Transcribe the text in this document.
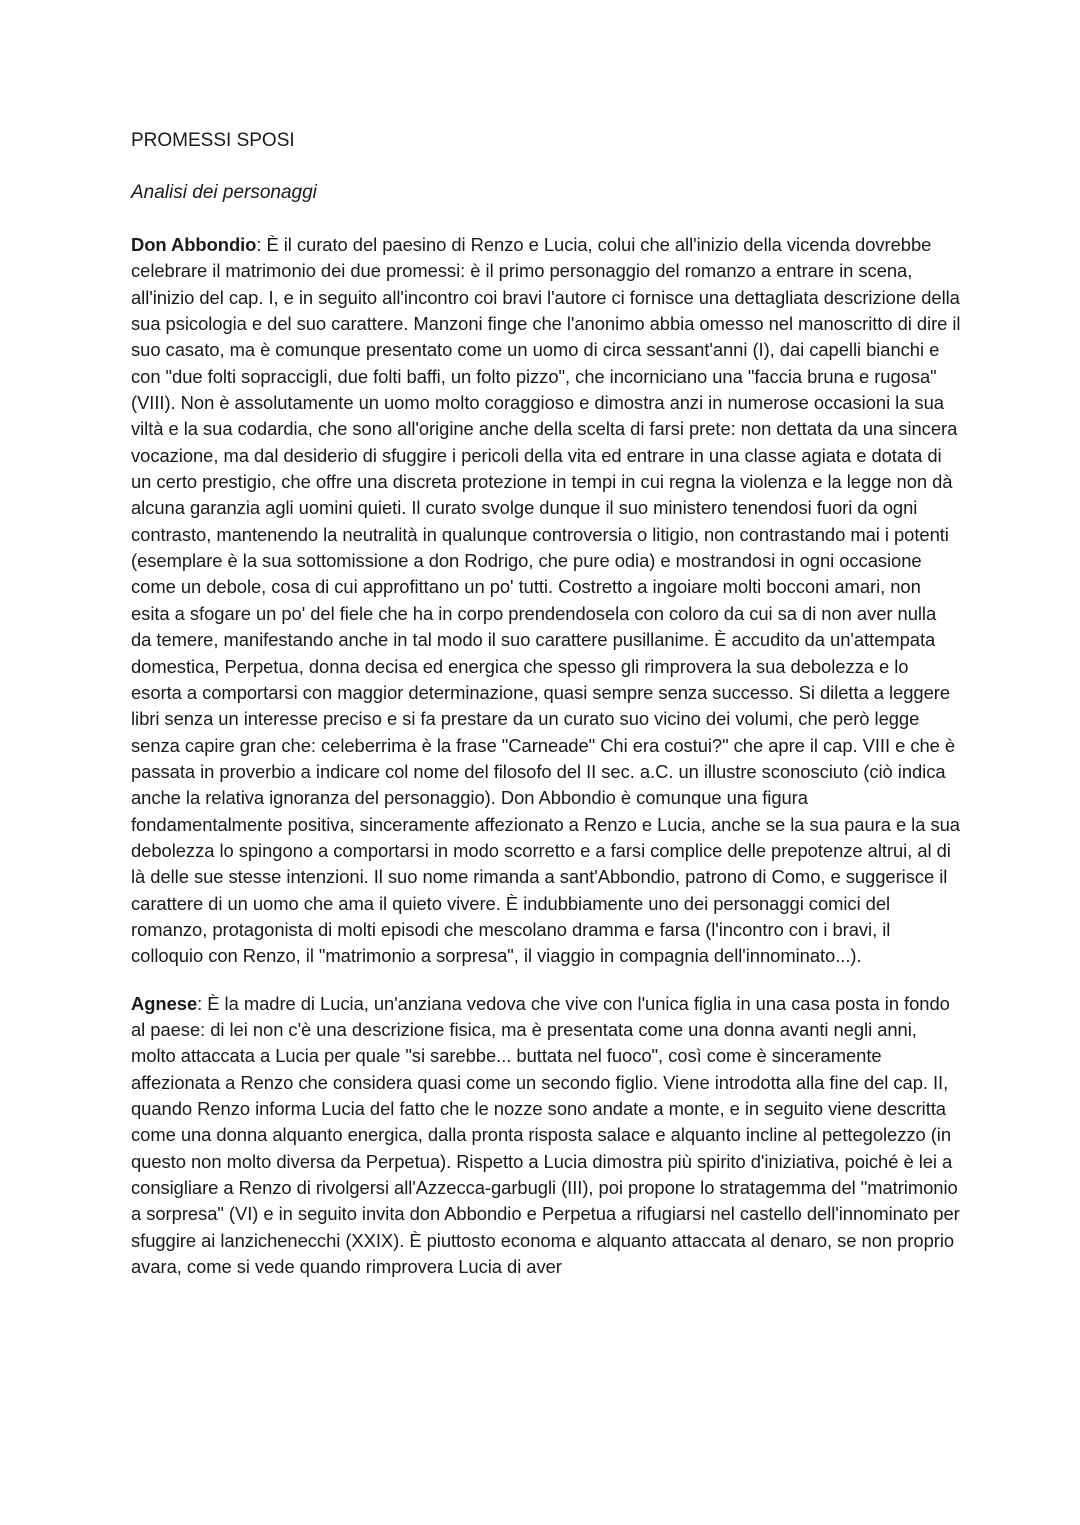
PROMESSI SPOSI
Analisi dei personaggi

Don Abbondio: È il curato del paesino di Renzo e Lucia, colui che all'inizio della vicenda dovrebbe celebrare il matrimonio dei due promessi: è il primo personaggio del romanzo a entrare in scena, all'inizio del cap. I, e in seguito all'incontro coi bravi l'autore ci fornisce una dettagliata descrizione della sua psicologia e del suo carattere. Manzoni finge che l'anonimo abbia omesso nel manoscritto di dire il suo casato, ma è comunque presentato come un uomo di circa sessant'anni (I), dai capelli bianchi e con "due folti sopraccigli, due folti baffi, un folto pizzo", che incorniciano una "faccia bruna e rugosa" (VIII). Non è assolutamente un uomo molto coraggioso e dimostra anzi in numerose occasioni la sua viltà e la sua codardia, che sono all'origine anche della scelta di farsi prete: non dettata da una sincera vocazione, ma dal desiderio di sfuggire i pericoli della vita ed entrare in una classe agiata e dotata di un certo prestigio, che offre una discreta protezione in tempi in cui regna la violenza e la legge non dà alcuna garanzia agli uomini quieti. Il curato svolge dunque il suo ministero tenendosi fuori da ogni contrasto, mantenendo la neutralità in qualunque controversia o litigio, non contrastando mai i potenti (esemplare è la sua sottomissione a don Rodrigo, che pure odia) e mostrandosi in ogni occasione come un debole, cosa di cui approfittano un po' tutti. Costretto a ingoiare molti bocconi amari, non esita a sfogare un po' del fiele che ha in corpo prendendosela con coloro da cui sa di non aver nulla da temere, manifestando anche in tal modo il suo carattere pusillanime. È accudito da un'attempata domestica, Perpetua, donna decisa ed energica che spesso gli rimprovera la sua debolezza e lo esorta a comportarsi con maggior determinazione, quasi sempre senza successo. Si diletta a leggere libri senza un interesse preciso e si fa prestare da un curato suo vicino dei volumi, che però legge senza capire gran che: celeberrima è la frase "Carneade" Chi era costui?" che apre il cap. VIII e che è passata in proverbio a indicare col nome del filosofo del II sec. a.C. un illustre sconosciuto (ciò indica anche la relativa ignoranza del personaggio). Don Abbondio è comunque una figura fondamentalmente positiva, sinceramente affezionato a Renzo e Lucia, anche se la sua paura e la sua debolezza lo spingono a comportarsi in modo scorretto e a farsi complice delle prepotenze altrui, al di là delle sue stesse intenzioni. Il suo nome rimanda a sant'Abbondio, patrono di Como, e suggerisce il carattere di un uomo che ama il quieto vivere. È indubbiamente uno dei personaggi comici del romanzo, protagonista di molti episodi che mescolano dramma e farsa (l'incontro con i bravi, il colloquio con Renzo, il "matrimonio a sorpresa", il viaggio in compagnia dell'innominato...).

Agnese: È la madre di Lucia, un'anziana vedova che vive con l'unica figlia in una casa posta in fondo al paese: di lei non c'è una descrizione fisica, ma è presentata come una donna avanti negli anni, molto attaccata a Lucia per quale "si sarebbe... buttata nel fuoco", così come è sinceramente affezionata a Renzo che considera quasi come un secondo figlio. Viene introdotta alla fine del cap. II, quando Renzo informa Lucia del fatto che le nozze sono andate a monte, e in seguito viene descritta come una donna alquanto energica, dalla pronta risposta salace e alquanto incline al pettegolezzo (in questo non molto diversa da Perpetua). Rispetto a Lucia dimostra più spirito d'iniziativa, poiché è lei a consigliare a Renzo di rivolgersi all'Azzecca-garbugli (III), poi propone lo stratagemma del "matrimonio a sorpresa" (VI) e in seguito invita don Abbondio e Perpetua a rifugiarsi nel castello dell'innominato per sfuggire ai lanzichenecchi (XXIX). È piuttosto economa e alquanto attaccata al denaro, se non proprio avara, come si vede quando rimprovera Lucia di aver
